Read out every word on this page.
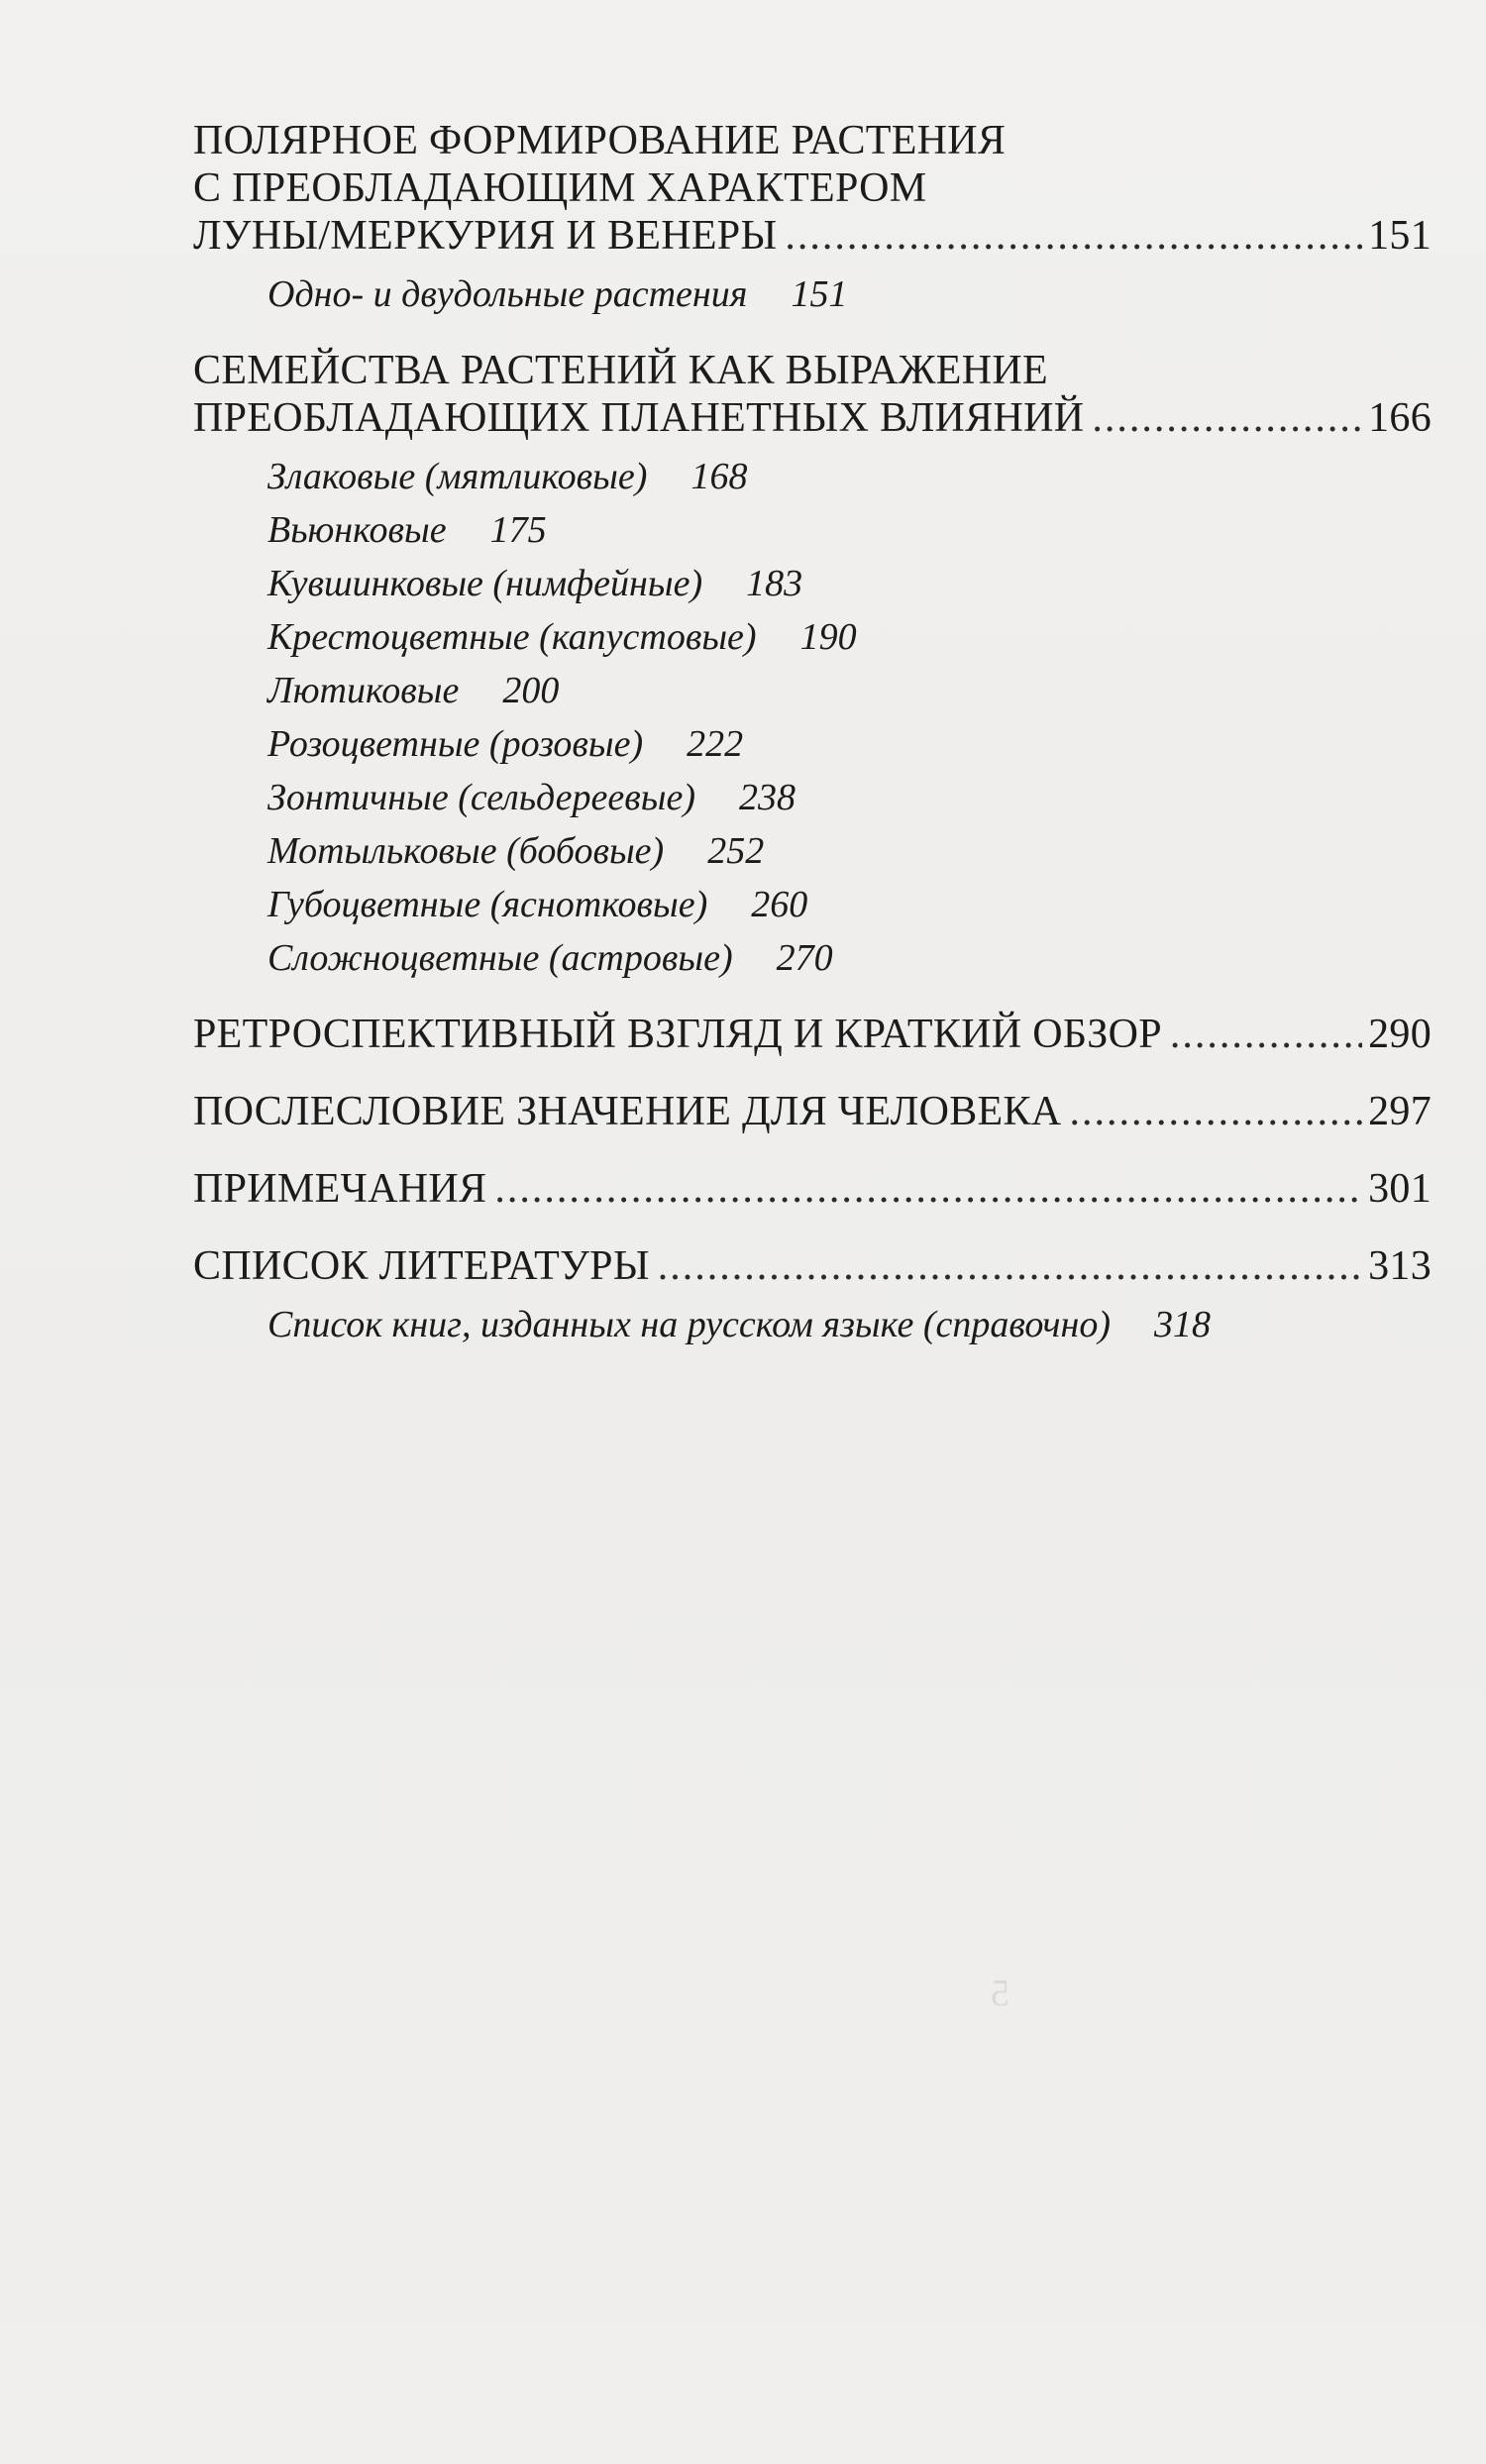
5
ПОЛЯРНОЕ ФОРМИРОВАНИЕ РАСТЕНИЯ
С ПРЕОБЛАДАЮЩИМ ХАРАКТЕРОМ
ЛУНЫ/МЕРКУРИЯ И ВЕНЕРЫ .....	151
Одно- и двудольные растения 151
СЕМЕЙСТВА РАСТЕНИЙ КАК ВЫРАЖЕНИЕ
ПРЕОБЛАДАЮЩИХ ПЛАНЕТНЫХ ВЛИЯНИЙ .....	166
Злаковые (мятликовые) 168
Вьюнковые 175
Кувшинковые (нимфейные) 183
Крестоцветные (капустовые) 190
Лютиковые 200
Розоцветные (розовые) 222
Зонтичные (сельдереевые) 238
Мотыльковые (бобовые) 252
Губоцветные (яснотковые) 260
Сложноцветные (астровые) 270
РЕТРОСПЕКТИВНЫЙ ВЗГЛЯД И КРАТКИЙ ОБЗОР .....	290
ПОСЛЕСЛОВИЕ ЗНАЧЕНИЕ ДЛЯ ЧЕЛОВЕКА .....	297
ПРИМЕЧАНИЯ .....	301
СПИСОК ЛИТЕРАТУРЫ .....	313
Список книг, изданных на русском языке (справочно) 318
